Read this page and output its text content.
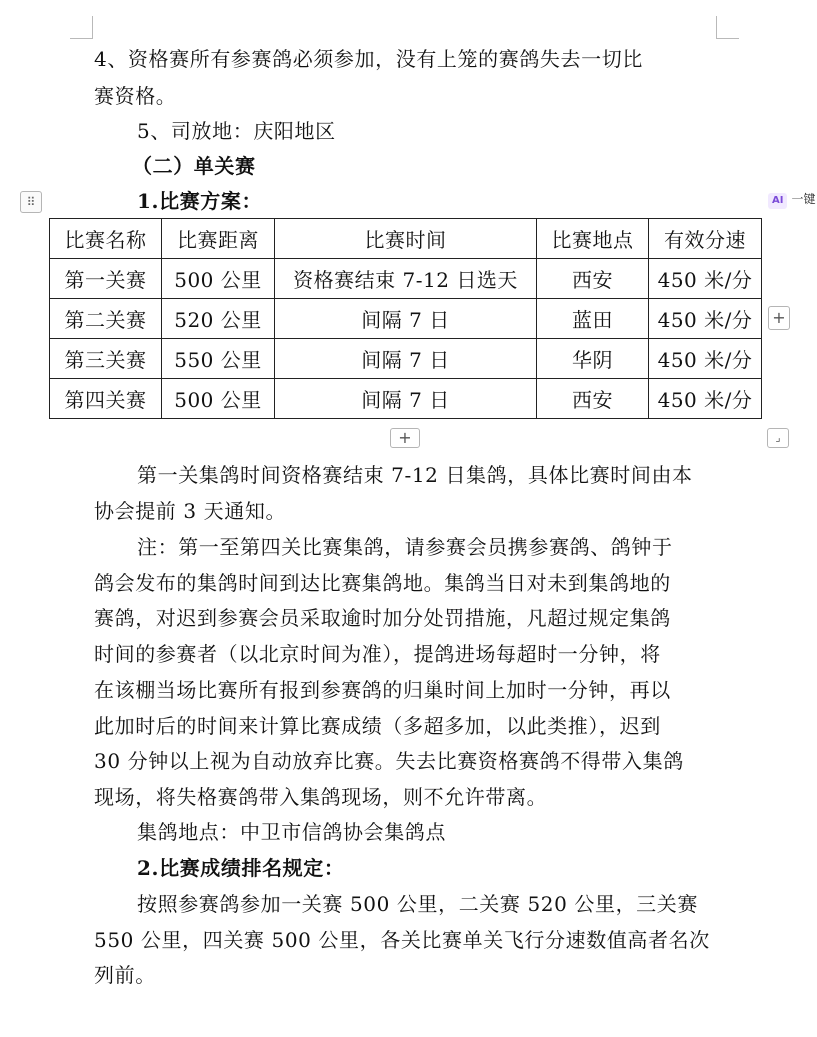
4、资格赛所有参赛鸽必须参加，没有上笼的赛鸽失去一切比
赛资格。
5、司放地：庆阳地区
（二）单关赛
1.比赛方案：
⠿	AI 一键
比赛名称	比赛距离	比赛时间	比赛地点	有效分速
第一关赛	500 公里	资格赛结束 7-12 日选天	西安	450 米/分
第二关赛	520 公里	间隔 7 日	蓝田	450 米/分
第三关赛	550 公里	间隔 7 日	华阴	450 米/分
第四关赛	500 公里	间隔 7 日	西安	450 米/分
+
+	⌟
第一关集鸽时间资格赛结束 7-12 日集鸽，具体比赛时间由本
协会提前 3 天通知。
注：第一至第四关比赛集鸽，请参赛会员携参赛鸽、鸽钟于
鸽会发布的集鸽时间到达比赛集鸽地。集鸽当日对未到集鸽地的
赛鸽，对迟到参赛会员采取逾时加分处罚措施，凡超过规定集鸽
时间的参赛者（以北京时间为准），提鸽进场每超时一分钟，将
在该棚当场比赛所有报到参赛鸽的归巢时间上加时一分钟，再以
此加时后的时间来计算比赛成绩（多超多加，以此类推），迟到
30 分钟以上视为自动放弃比赛。失去比赛资格赛鸽不得带入集鸽
现场，将失格赛鸽带入集鸽现场，则不允许带离。
集鸽地点：中卫市信鸽协会集鸽点
2.比赛成绩排名规定：
按照参赛鸽参加一关赛 500 公里，二关赛 520 公里，三关赛
550 公里，四关赛 500 公里，各关比赛单关飞行分速数值高者名次
列前。
